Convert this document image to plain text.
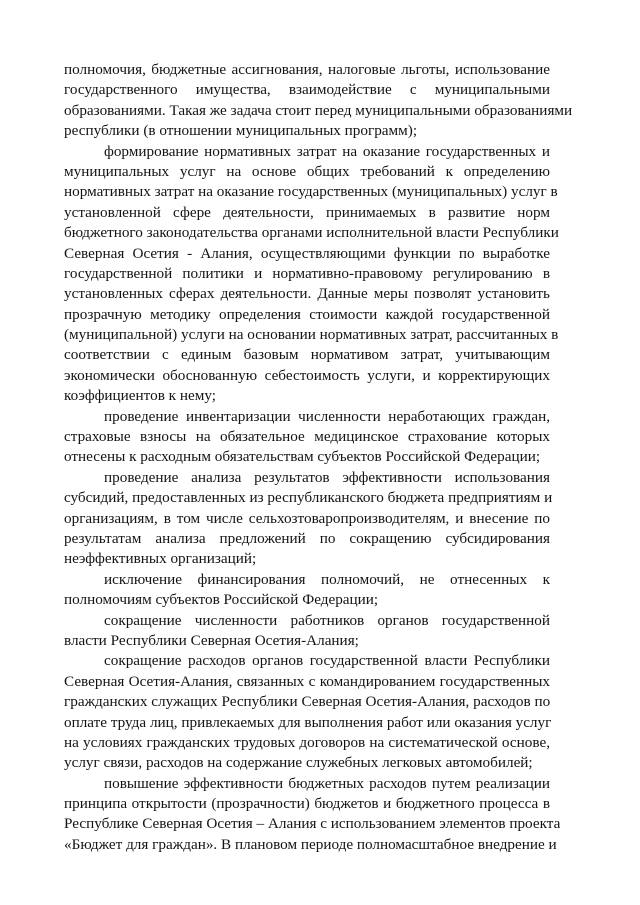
полномочия, бюджетные ассигнования, налоговые льготы, использование
государственного имущества, взаимодействие с муниципальными
образованиями. Такая же задача стоит перед муниципальными образованиями
республики (в отношении муниципальных программ);
формирование нормативных затрат на оказание государственных и
муниципальных услуг на основе общих требований к определению
нормативных затрат на оказание государственных (муниципальных) услуг в
установленной сфере деятельности, принимаемых в развитие норм
бюджетного законодательства органами исполнительной власти Республики
Северная Осетия - Алания, осуществляющими функции по выработке
государственной политики и нормативно-правовому регулированию в
установленных сферах деятельности. Данные меры позволят установить
прозрачную методику определения стоимости каждой государственной
(муниципальной) услуги на основании нормативных затрат, рассчитанных в
соответствии с единым базовым нормативом затрат, учитывающим
экономически обоснованную себестоимость услуги, и корректирующих
коэффициентов к нему;
проведение инвентаризации численности неработающих граждан,
страховые взносы на обязательное медицинское страхование которых
отнесены к расходным обязательствам субъектов Российской Федерации;
проведение анализа результатов эффективности использования
субсидий, предоставленных из республиканского бюджета предприятиям и
организациям, в том числе сельхозтоваропроизводителям, и внесение по
результатам анализа предложений по сокращению субсидирования
неэффективных организаций;
исключение финансирования полномочий, не отнесенных к
полномочиям субъектов Российской Федерации;
сокращение численности работников органов государственной
власти Республики Северная Осетия-Алания;
сокращение расходов органов государственной власти Республики
Северная Осетия-Алания, связанных с командированием государственных
гражданских служащих Республики Северная Осетия-Алания, расходов по
оплате труда лиц, привлекаемых для выполнения работ или оказания услуг
на условиях гражданских трудовых договоров на систематической основе,
услуг связи, расходов на содержание служебных легковых автомобилей;
повышение эффективности бюджетных расходов путем реализации
принципа открытости (прозрачности) бюджетов и бюджетного процесса в
Республике Северная Осетия – Алания с использованием элементов проекта
«Бюджет для граждан». В плановом периоде полномасштабное внедрение и
